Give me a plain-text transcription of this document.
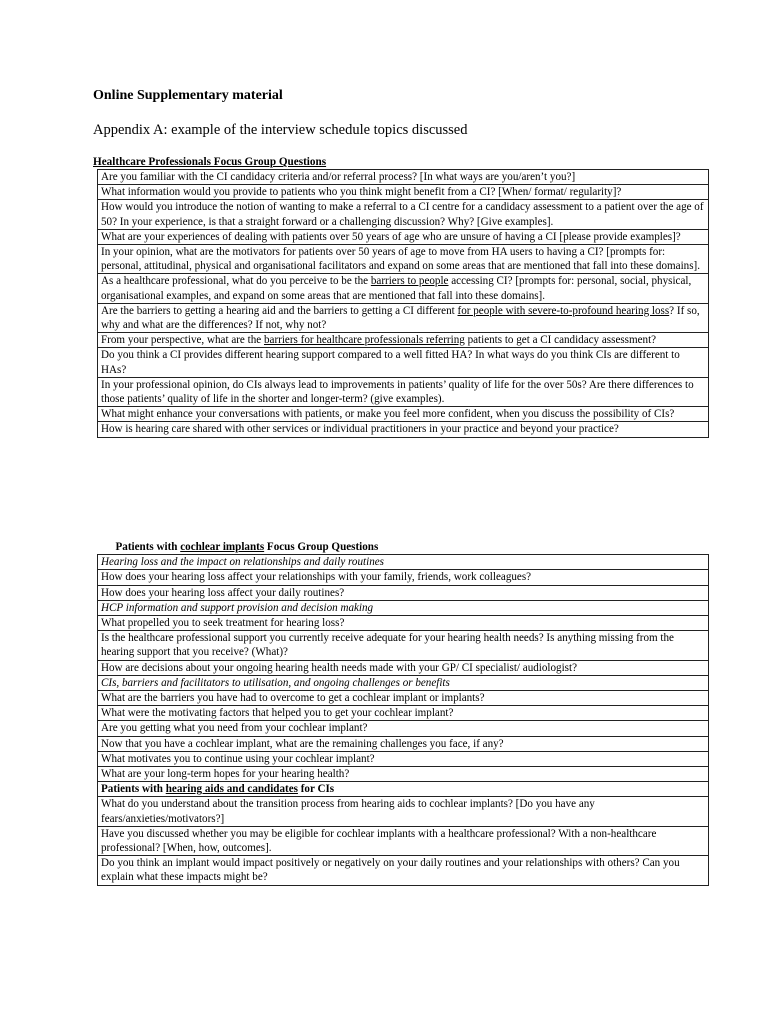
Online Supplementary material
Appendix A: example of the interview schedule topics discussed
Healthcare Professionals Focus Group Questions
Are you familiar with the CI candidacy criteria and/or referral process? [In what ways are you/aren’t you?]
What information would you provide to patients who you think might benefit from a CI? [When/ format/ regularity]?
How would you introduce the notion of wanting to make a referral to a CI centre for a candidacy assessment to a patient over the age of 50? In your experience, is that a straight forward or a challenging discussion? Why? [Give examples].
What are your experiences of dealing with patients over 50 years of age who are unsure of having a CI [please provide examples]?
In your opinion, what are the motivators for patients over 50 years of age to move from HA users to having a CI? [prompts for: personal, attitudinal, physical and organisational facilitators and expand on some areas that are mentioned that fall into these domains].
As a healthcare professional, what do you perceive to be the barriers to people accessing CI? [prompts for: personal, social, physical, organisational examples, and expand on some areas that are mentioned that fall into these domains].
Are the barriers to getting a hearing aid and the barriers to getting a CI different for people with severe-to-profound hearing loss? If so, why and what are the differences? If not, why not?
From your perspective, what are the barriers for healthcare professionals referring patients to get a CI candidacy assessment?
Do you think a CI provides different hearing support compared to a well fitted HA? In what ways do you think CIs are different to HAs?
In your professional opinion, do CIs always lead to improvements in patients’ quality of life for the over 50s? Are there differences to those patients’ quality of life in the shorter and longer-term? (give examples).
What might enhance your conversations with patients, or make you feel more confident, when you discuss the possibility of CIs?
How is hearing care shared with other services or individual practitioners in your practice and beyond your practice?
Patients with cochlear implants Focus Group Questions
Hearing loss and the impact on relationships and daily routines
How does your hearing loss affect your relationships with your family, friends, work colleagues?
How does your hearing loss affect your daily routines?
HCP information and support provision and decision making
What propelled you to seek treatment for hearing loss?
Is the healthcare professional support you currently receive adequate for your hearing health needs? Is anything missing from the hearing support that you receive? (What)?
How are decisions about your ongoing hearing health needs made with your GP/ CI specialist/ audiologist?
CIs, barriers and facilitators to utilisation, and ongoing challenges or benefits
What are the barriers you have had to overcome to get a cochlear implant or implants?
What were the motivating factors that helped you to get your cochlear implant?
Are you getting what you need from your cochlear implant?
Now that you have a cochlear implant, what are the remaining challenges you face, if any?
What motivates you to continue using your cochlear implant?
What are your long-term hopes for your hearing health?
Patients with hearing aids and candidates for CIs
What do you understand about the transition process from hearing aids to cochlear implants? [Do you have any fears/anxieties/motivators?]
Have you discussed whether you may be eligible for cochlear implants with a healthcare professional? With a non-healthcare professional? [When, how, outcomes].
Do you think an implant would impact positively or negatively on your daily routines and your relationships with others? Can you explain what these impacts might be?
